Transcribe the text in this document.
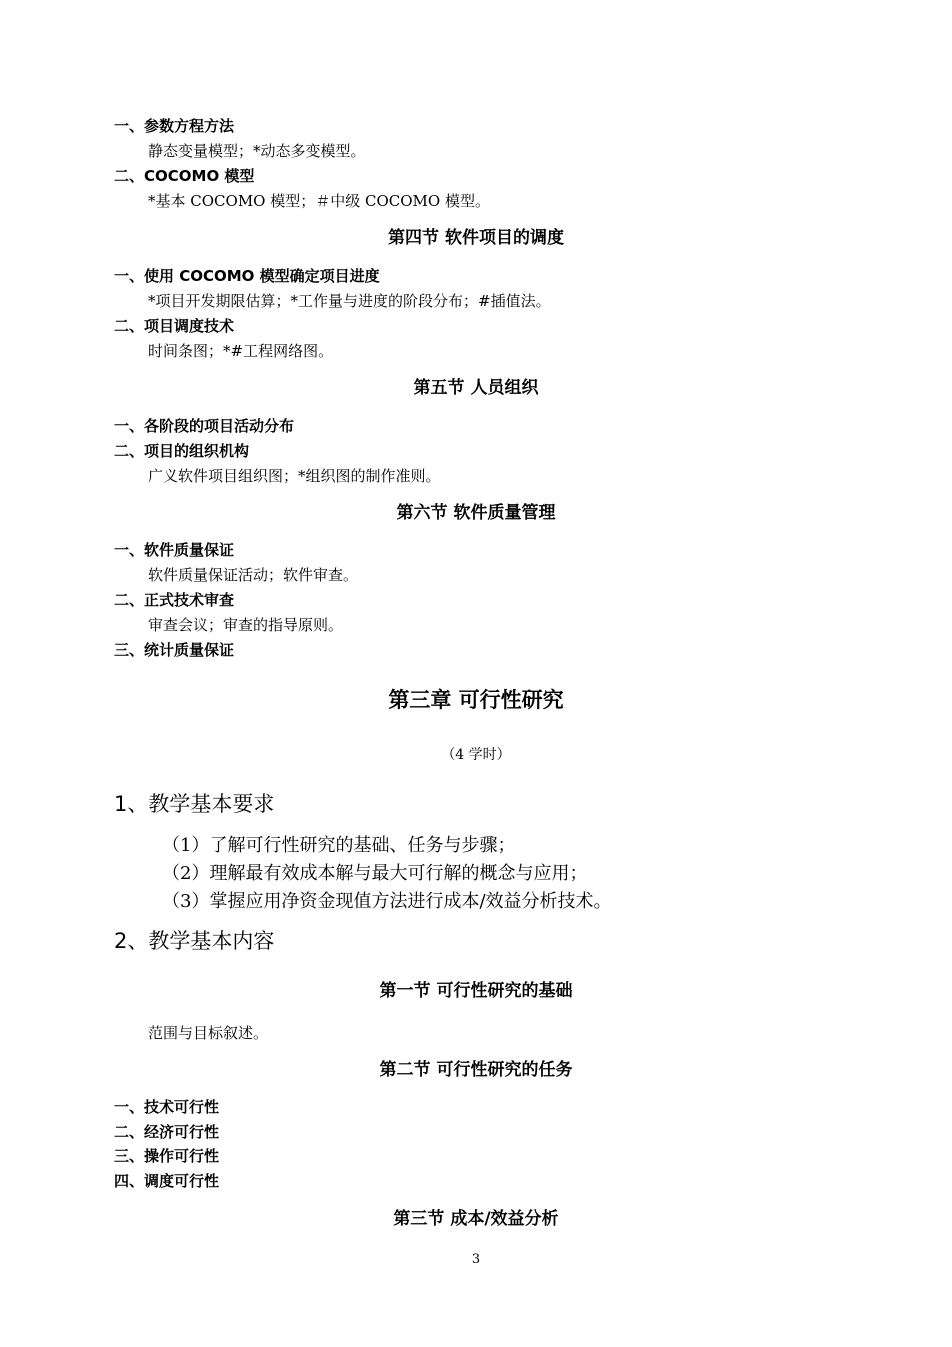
一、参数方程方法
静态变量模型；*动态多变模型。
二、COCOMO 模型
*基本 COCOMO 模型；＃中级 COCOMO 模型。
第四节 软件项目的调度
一、使用 COCOMO 模型确定项目进度
*项目开发期限估算；*工作量与进度的阶段分布；#插值法。
二、项目调度技术
时间条图；*#工程网络图。
第五节 人员组织
一、各阶段的项目活动分布
二、项目的组织机构
广义软件项目组织图；*组织图的制作准则。
第六节 软件质量管理
一、软件质量保证
软件质量保证活动；软件审查。
二、正式技术审查
审查会议；审查的指导原则。
三、统计质量保证
第三章 可行性研究
（4 学时）
1、教学基本要求
（1）了解可行性研究的基础、任务与步骤；
（2）理解最有效成本解与最大可行解的概念与应用；
（3）掌握应用净资金现值方法进行成本/效益分析技术。
2、教学基本内容
第一节 可行性研究的基础
范围与目标叙述。
第二节 可行性研究的任务
一、技术可行性
二、经济可行性
三、操作可行性
四、调度可行性
第三节 成本/效益分析
3
